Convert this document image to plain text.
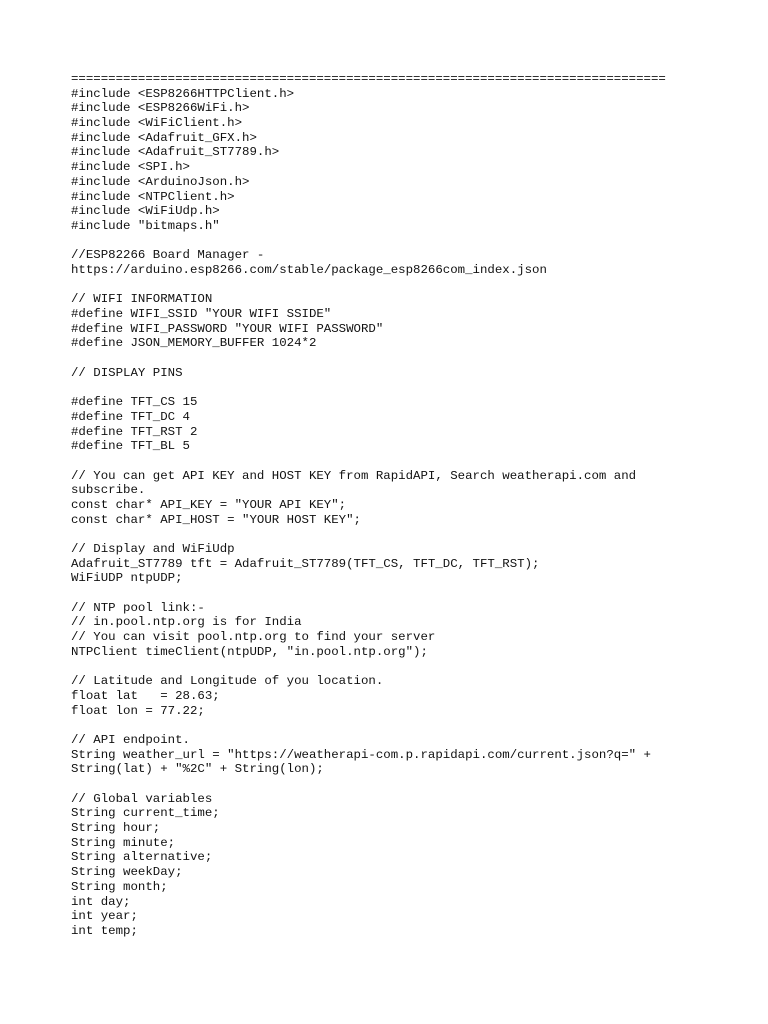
================================================================================
#include <ESP8266HTTPClient.h>
#include <ESP8266WiFi.h>
#include <WiFiClient.h>
#include <Adafruit_GFX.h>
#include <Adafruit_ST7789.h>
#include <SPI.h>
#include <ArduinoJson.h>
#include <NTPClient.h>
#include <WiFiUdp.h>
#include "bitmaps.h"

//ESP82266 Board Manager -
https://arduino.esp8266.com/stable/package_esp8266com_index.json

// WIFI INFORMATION
#define WIFI_SSID "YOUR WIFI SSIDE"
#define WIFI_PASSWORD "YOUR WIFI PASSWORD"
#define JSON_MEMORY_BUFFER 1024*2

// DISPLAY PINS

#define TFT_CS 15
#define TFT_DC 4
#define TFT_RST 2
#define TFT_BL 5

// You can get API KEY and HOST KEY from RapidAPI, Search weatherapi.com and
subscribe.
const char* API_KEY = "YOUR API KEY";
const char* API_HOST = "YOUR HOST KEY";

// Display and WiFiUdp
Adafruit_ST7789 tft = Adafruit_ST7789(TFT_CS, TFT_DC, TFT_RST);
WiFiUDP ntpUDP;

// NTP pool link:-
// in.pool.ntp.org is for India
// You can visit pool.ntp.org to find your server
NTPClient timeClient(ntpUDP, "in.pool.ntp.org");

// Latitude and Longitude of you location.
float lat   = 28.63;
float lon = 77.22;

// API endpoint.
String weather_url = "https://weatherapi-com.p.rapidapi.com/current.json?q=" +
String(lat) + "%2C" + String(lon);

// Global variables
String current_time;
String hour;
String minute;
String alternative;
String weekDay;
String month;
int day;
int year;
int temp;
